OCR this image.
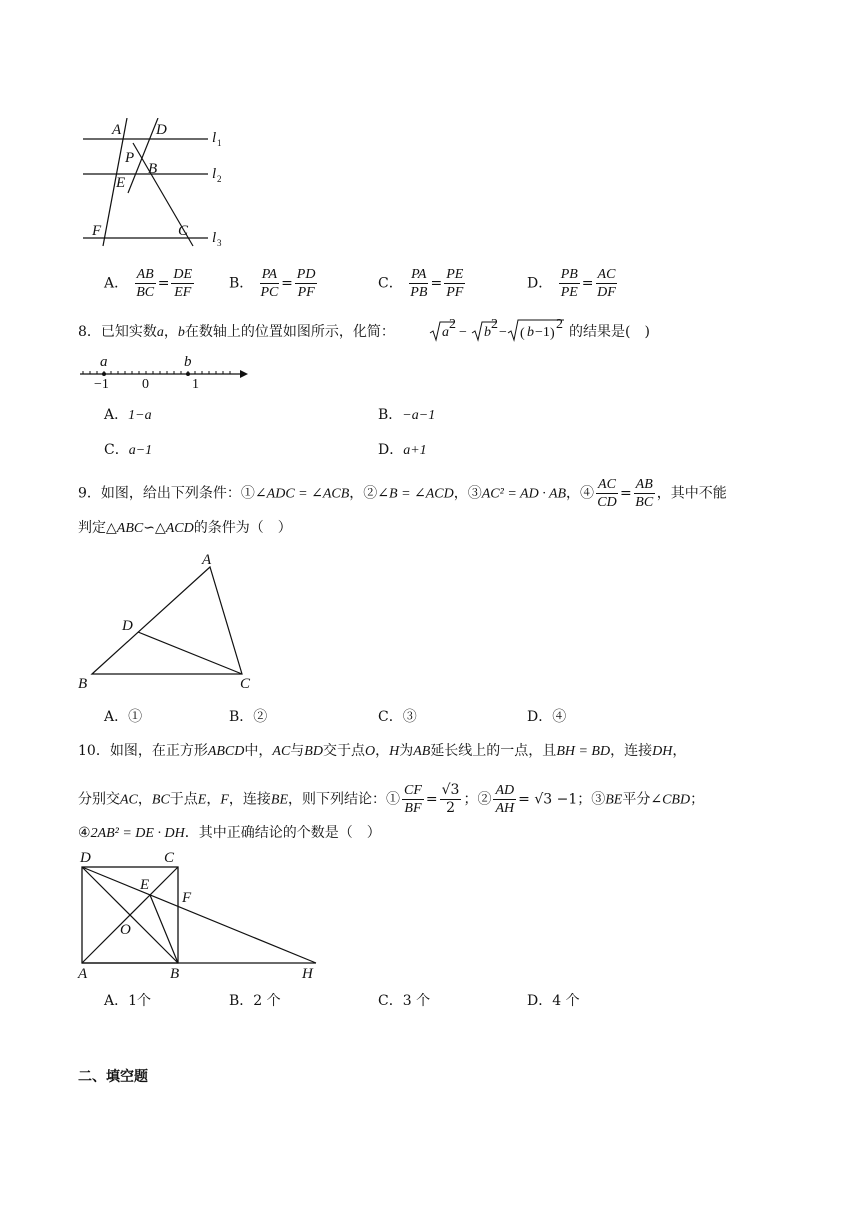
A D
P
B
E
F	C
l 1
l 2
l 3
A． $\frac{AB}{BC} = \frac{DE}{EF}$ B． $\frac{PA}{PC} = \frac{PD}{PF}$	C． $\frac{PA}{PB} = \frac{PE}{PF}$	D． $\frac{PB}{PE} = \frac{AC}{DF}$
8．已知实数a，b在数轴上的位置如图所示，化简：	a
2
− b
2
− ( b −1 )
2 的结果是(　)
a	b
−1 0	1
A．1−a	B．−a−1
C．a−1	D．a+1
9．如图，给出下列条件：①∠ADC = ∠ACB，②∠B = ∠ACD，③AC² = AD · AB，④ $\frac{AC}{CD} = \frac{AB}{BC}$ ，其中不能
判定△ABC∽△ACD的条件为（　）
A
D
B	C
A．①	B．②	C．③	D．④
10．如图，在正方形ABCD中，AC与BD交于点O，H为AB延长线上的一点，且BH = BD，连接DH，
分别交AC，BC于点E，F，连接BE，则下列结论：① $\frac{CF}{BF} = \frac{√3}{2}$ ；② $\frac{AD}{AH} = √3 -1$；③BE平分∠CBD；
④2AB² = DE · DH．其中正确结论的个数是（　）
D	C
E
F
O
A	B	H
A．1个	B．2 个	C．3 个	D．4 个
二、填空题
